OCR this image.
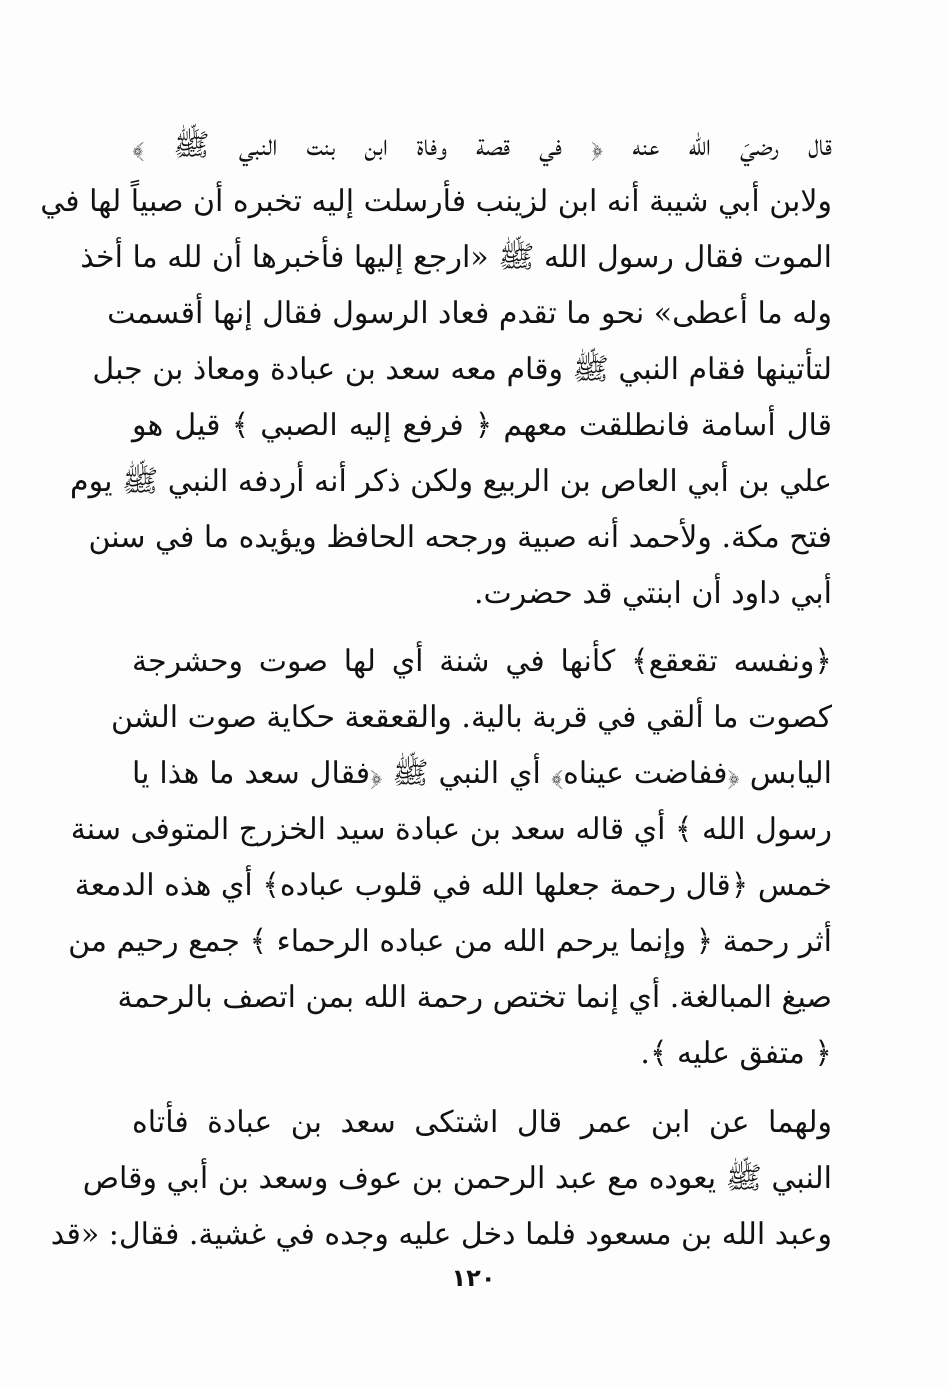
قال رضيَ الله عنه ﴿ في قصة وفاة ابن بنت النبي ﷺ ﴾
ولابن أبي شيبة أنه ابن لزينب فأرسلت إليه تخبره أن صبياً لها في
الموت فقال رسول الله ﷺ «ارجع إليها فأخبرها أن لله ما أخذ
وله ما أعطى» نحو ما تقدم فعاد الرسول فقال إنها أقسمت
لتأتينها فقام النبي ﷺ وقام معه سعد بن عبادة ومعاذ بن جبل
قال أسامة فانطلقت معهم ﴿ فرفع إليه الصبي ﴾ قيل هو
علي بن أبي العاص بن الربيع ولكن ذكر أنه أردفه النبي ﷺ يوم
فتح مكة. ولأحمد أنه صبية ورجحه الحافظ ويؤيده ما في سنن
أبي داود أن ابنتي قد حضرت.
﴿ونفسه تقعقع﴾ كأنها في شنة أي لها صوت وحشرجة
كصوت ما ألقي في قربة بالية. والقعقعة حكاية صوت الشن
اليابس ﴿ففاضت عيناه﴾ أي النبي ﷺ ﴿فقال سعد ما هذا يا
رسول الله ﴾ أي قاله سعد بن عبادة سيد الخزرج المتوفى سنة
خمس ﴿قال رحمة جعلها الله في قلوب عباده﴾ أي هذه الدمعة
أثر رحمة ﴿ وإنما يرحم الله من عباده الرحماء ﴾ جمع رحيم من
صيغ المبالغة. أي إنما تختص رحمة الله بمن اتصف بالرحمة
﴿ متفق عليه ﴾.
ولهما عن ابن عمر قال اشتكى سعد بن عبادة فأتاه
النبي ﷺ يعوده مع عبد الرحمن بن عوف وسعد بن أبي وقاص
وعبد الله بن مسعود فلما دخل عليه وجده في غشية. فقال: «قد
١٢٠
